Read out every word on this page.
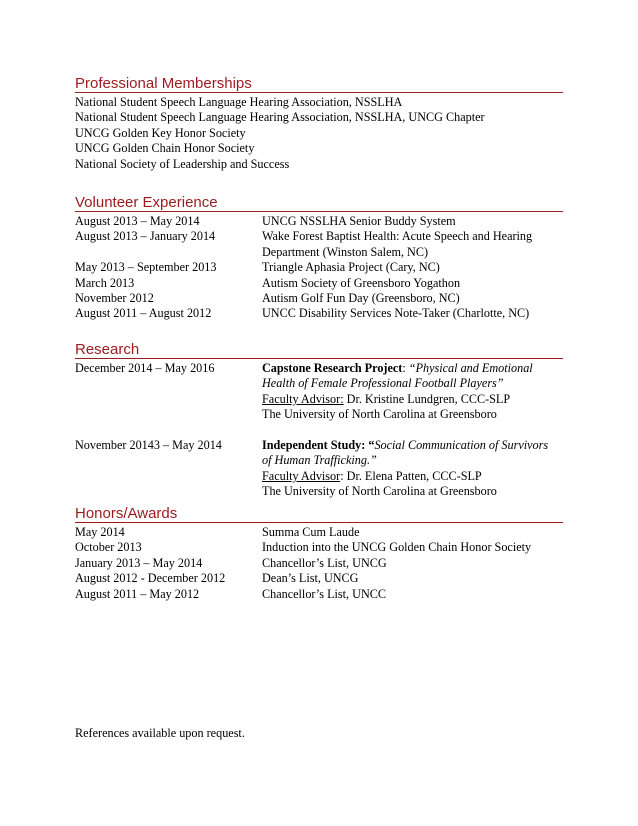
Professional Memberships
National Student Speech Language Hearing Association, NSSLHA
National Student Speech Language Hearing Association, NSSLHA, UNCG Chapter
UNCG Golden Key Honor Society
UNCG Golden Chain Honor Society
National Society of Leadership and Success
Volunteer Experience
August 2013 – May 2014	UNCG NSSLHA Senior Buddy System
August 2013 – January 2014	Wake Forest Baptist Health: Acute Speech and Hearing
Department (Winston Salem, NC)
May 2013 – September 2013	Triangle Aphasia Project (Cary, NC)
March 2013	Autism Society of Greensboro Yogathon
November 2012	Autism Golf Fun Day (Greensboro, NC)
August 2011 – August 2012	UNCC Disability Services Note-Taker (Charlotte, NC)
Research
December 2014 – May 2016	Capstone Research Project: “Physical and Emotional
Health of Female Professional Football Players”
Faculty Advisor: Dr. Kristine Lundgren, CCC-SLP
The University of North Carolina at Greensboro
November 20143 – May 2014	Independent Study: “Social Communication of Survivors
of Human Trafficking.”
Faculty Advisor: Dr. Elena Patten, CCC-SLP
The University of North Carolina at Greensboro
Honors/Awards
May 2014	Summa Cum Laude
October 2013	Induction into the UNCG Golden Chain Honor Society
January 2013 – May 2014	Chancellor’s List, UNCG
August 2012 - December 2012	Dean’s List, UNCG
August 2011 – May 2012	Chancellor’s List, UNCC
References available upon request.
